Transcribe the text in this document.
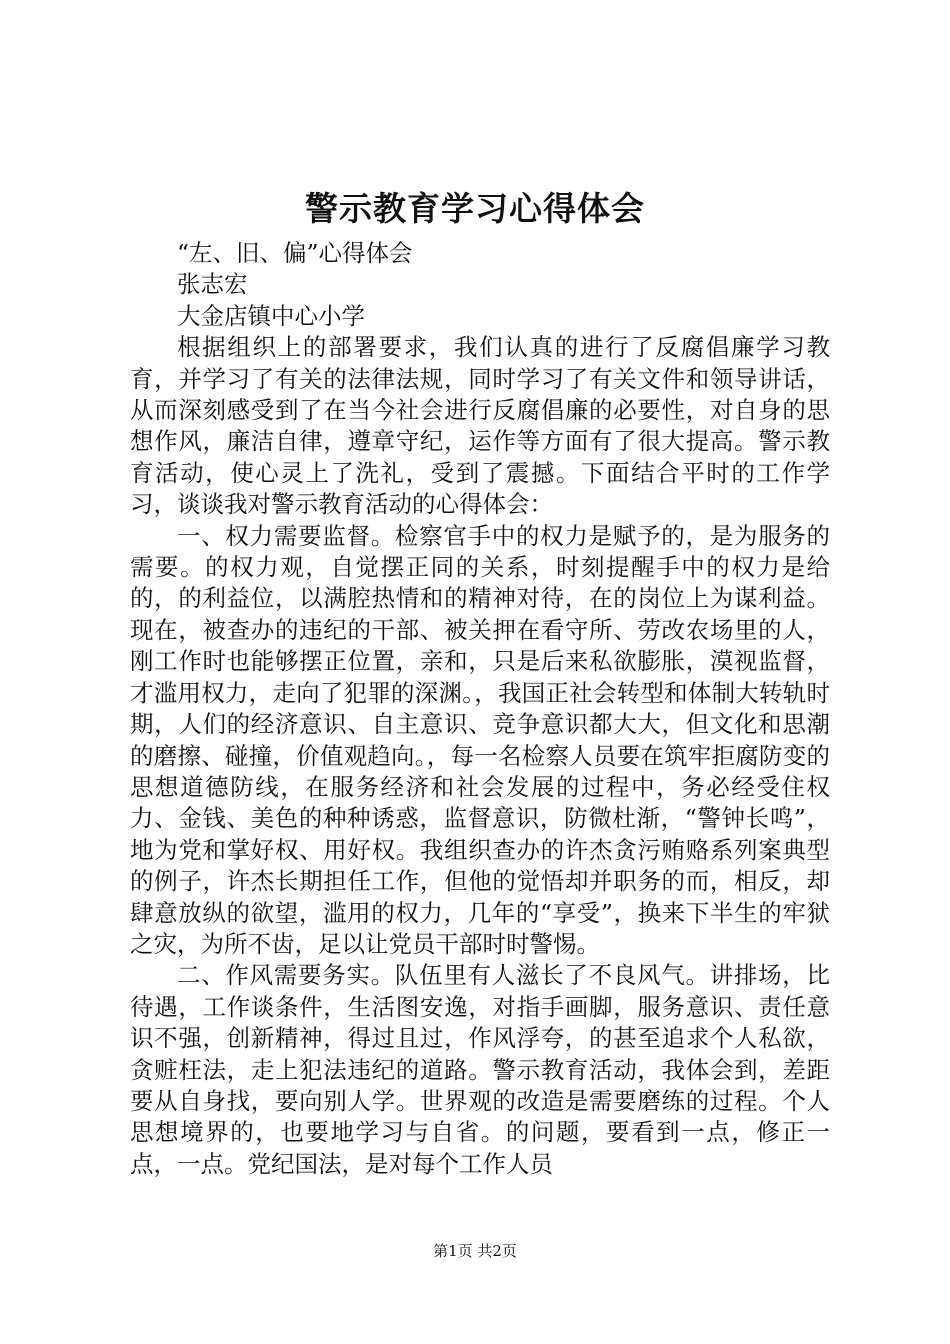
警示教育学习心得体会

“左、旧、偏”心得体会

张志宏

大金店镇中心小学

根据组织上的部署要求，我们认真的进行了反腐倡廉学习教育，并学习了有关的法律法规，同时学习了有关文件和领导讲话，从而深刻感受到了在当今社会进行反腐倡廉的必要性，对自身的思想作风，廉洁自律，遵章守纪，运作等方面有了很大提高。警示教育活动，使心灵上了洗礼，受到了震撼。下面结合平时的工作学习，谈谈我对警示教育活动的心得体会：

一、权力需要监督。检察官手中的权力是赋予的，是为服务的需要。的权力观，自觉摆正同的关系，时刻提醒手中的权力是给的，的利益位，以满腔热情和的精神对待，在的岗位上为谋利益。现在，被查办的违纪的干部、被关押在看守所、劳改农场里的人，刚工作时也能够摆正位置，亲和，只是后来私欲膨胀，漠视监督，才滥用权力，走向了犯罪的深渊。，我国正社会转型和体制大转轨时期，人们的经济意识、自主意识、竞争意识都大大，但文化和思潮的磨擦、碰撞，价值观趋向。，每一名检察人员要在筑牢拒腐防变的思想道德防线，在服务经济和社会发展的过程中，务必经受住权力、金钱、美色的种种诱惑，监督意识，防微杜渐，“警钟长鸣”，地为党和掌好权、用好权。我组织查办的许杰贪污贿赂系列案典型的例子，许杰长期担任工作，但他的觉悟却并职务的而，相反，却肆意放纵的欲望，滥用的权力，几年的“享受”，换来下半生的牢狱之灾，为所不齿，足以让党员干部时时警惕。

二、作风需要务实。队伍里有人滋长了不良风气。讲排场，比待遇，工作谈条件，生活图安逸，对指手画脚，服务意识、责任意识不强，创新精神，得过且过，作风浮夸，的甚至追求个人私欲，贪赃枉法，走上犯法违纪的道路。警示教育活动，我体会到，差距要从自身找，要向别人学。世界观的改造是需要磨练的过程。个人思想境界的，也要地学习与自省。的问题，要看到一点，修正一点，一点。党纪国法，是对每个工作人员

第1页 共2页
